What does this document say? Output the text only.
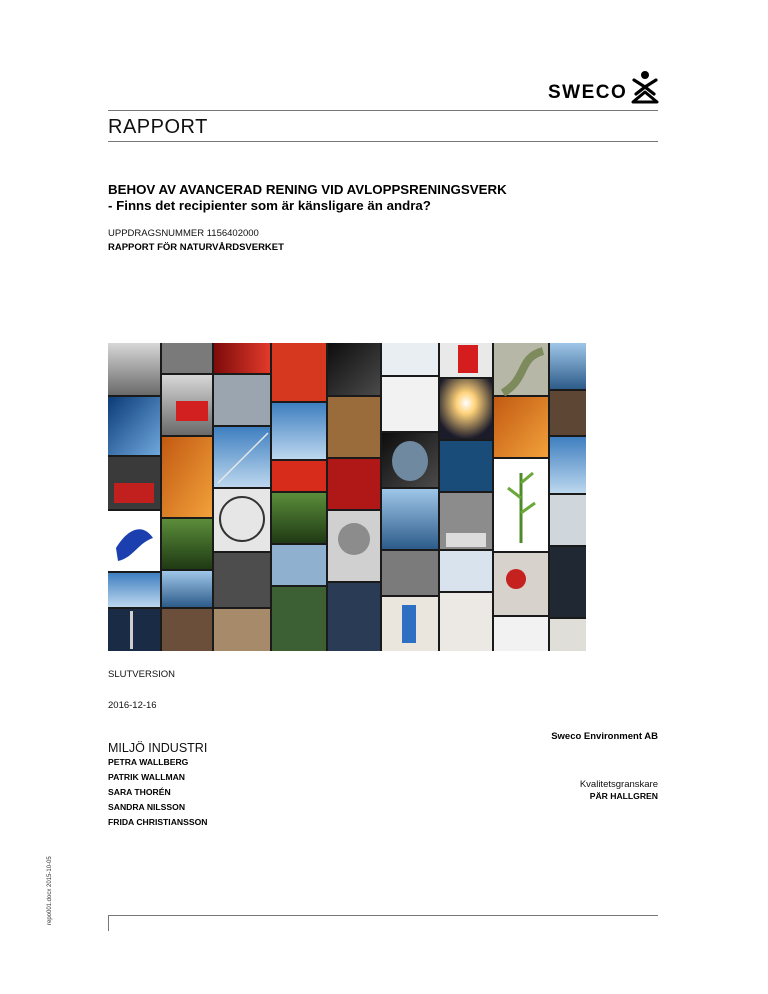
SWECO
RAPPORT
BEHOV AV AVANCERAD RENING VID AVLOPPSRENINGSVERK
- Finns det recipienter som är känsligare än andra?
UPPDRAGSNUMMER 1156402000
RAPPORT FÖR NATURVÅRDSVERKET
SLUTVERSION
2016-12-16
Sweco Environment AB
MILJÖ INDUSTRI
PETRA WALLBERG
PATRIK WALLMAN
SARA THORÉN
SANDRA NILSSON
FRIDA CHRISTIANSSON
Kvalitetsgranskare
PÄR HALLGREN
repo001.docx 2015-10-05
